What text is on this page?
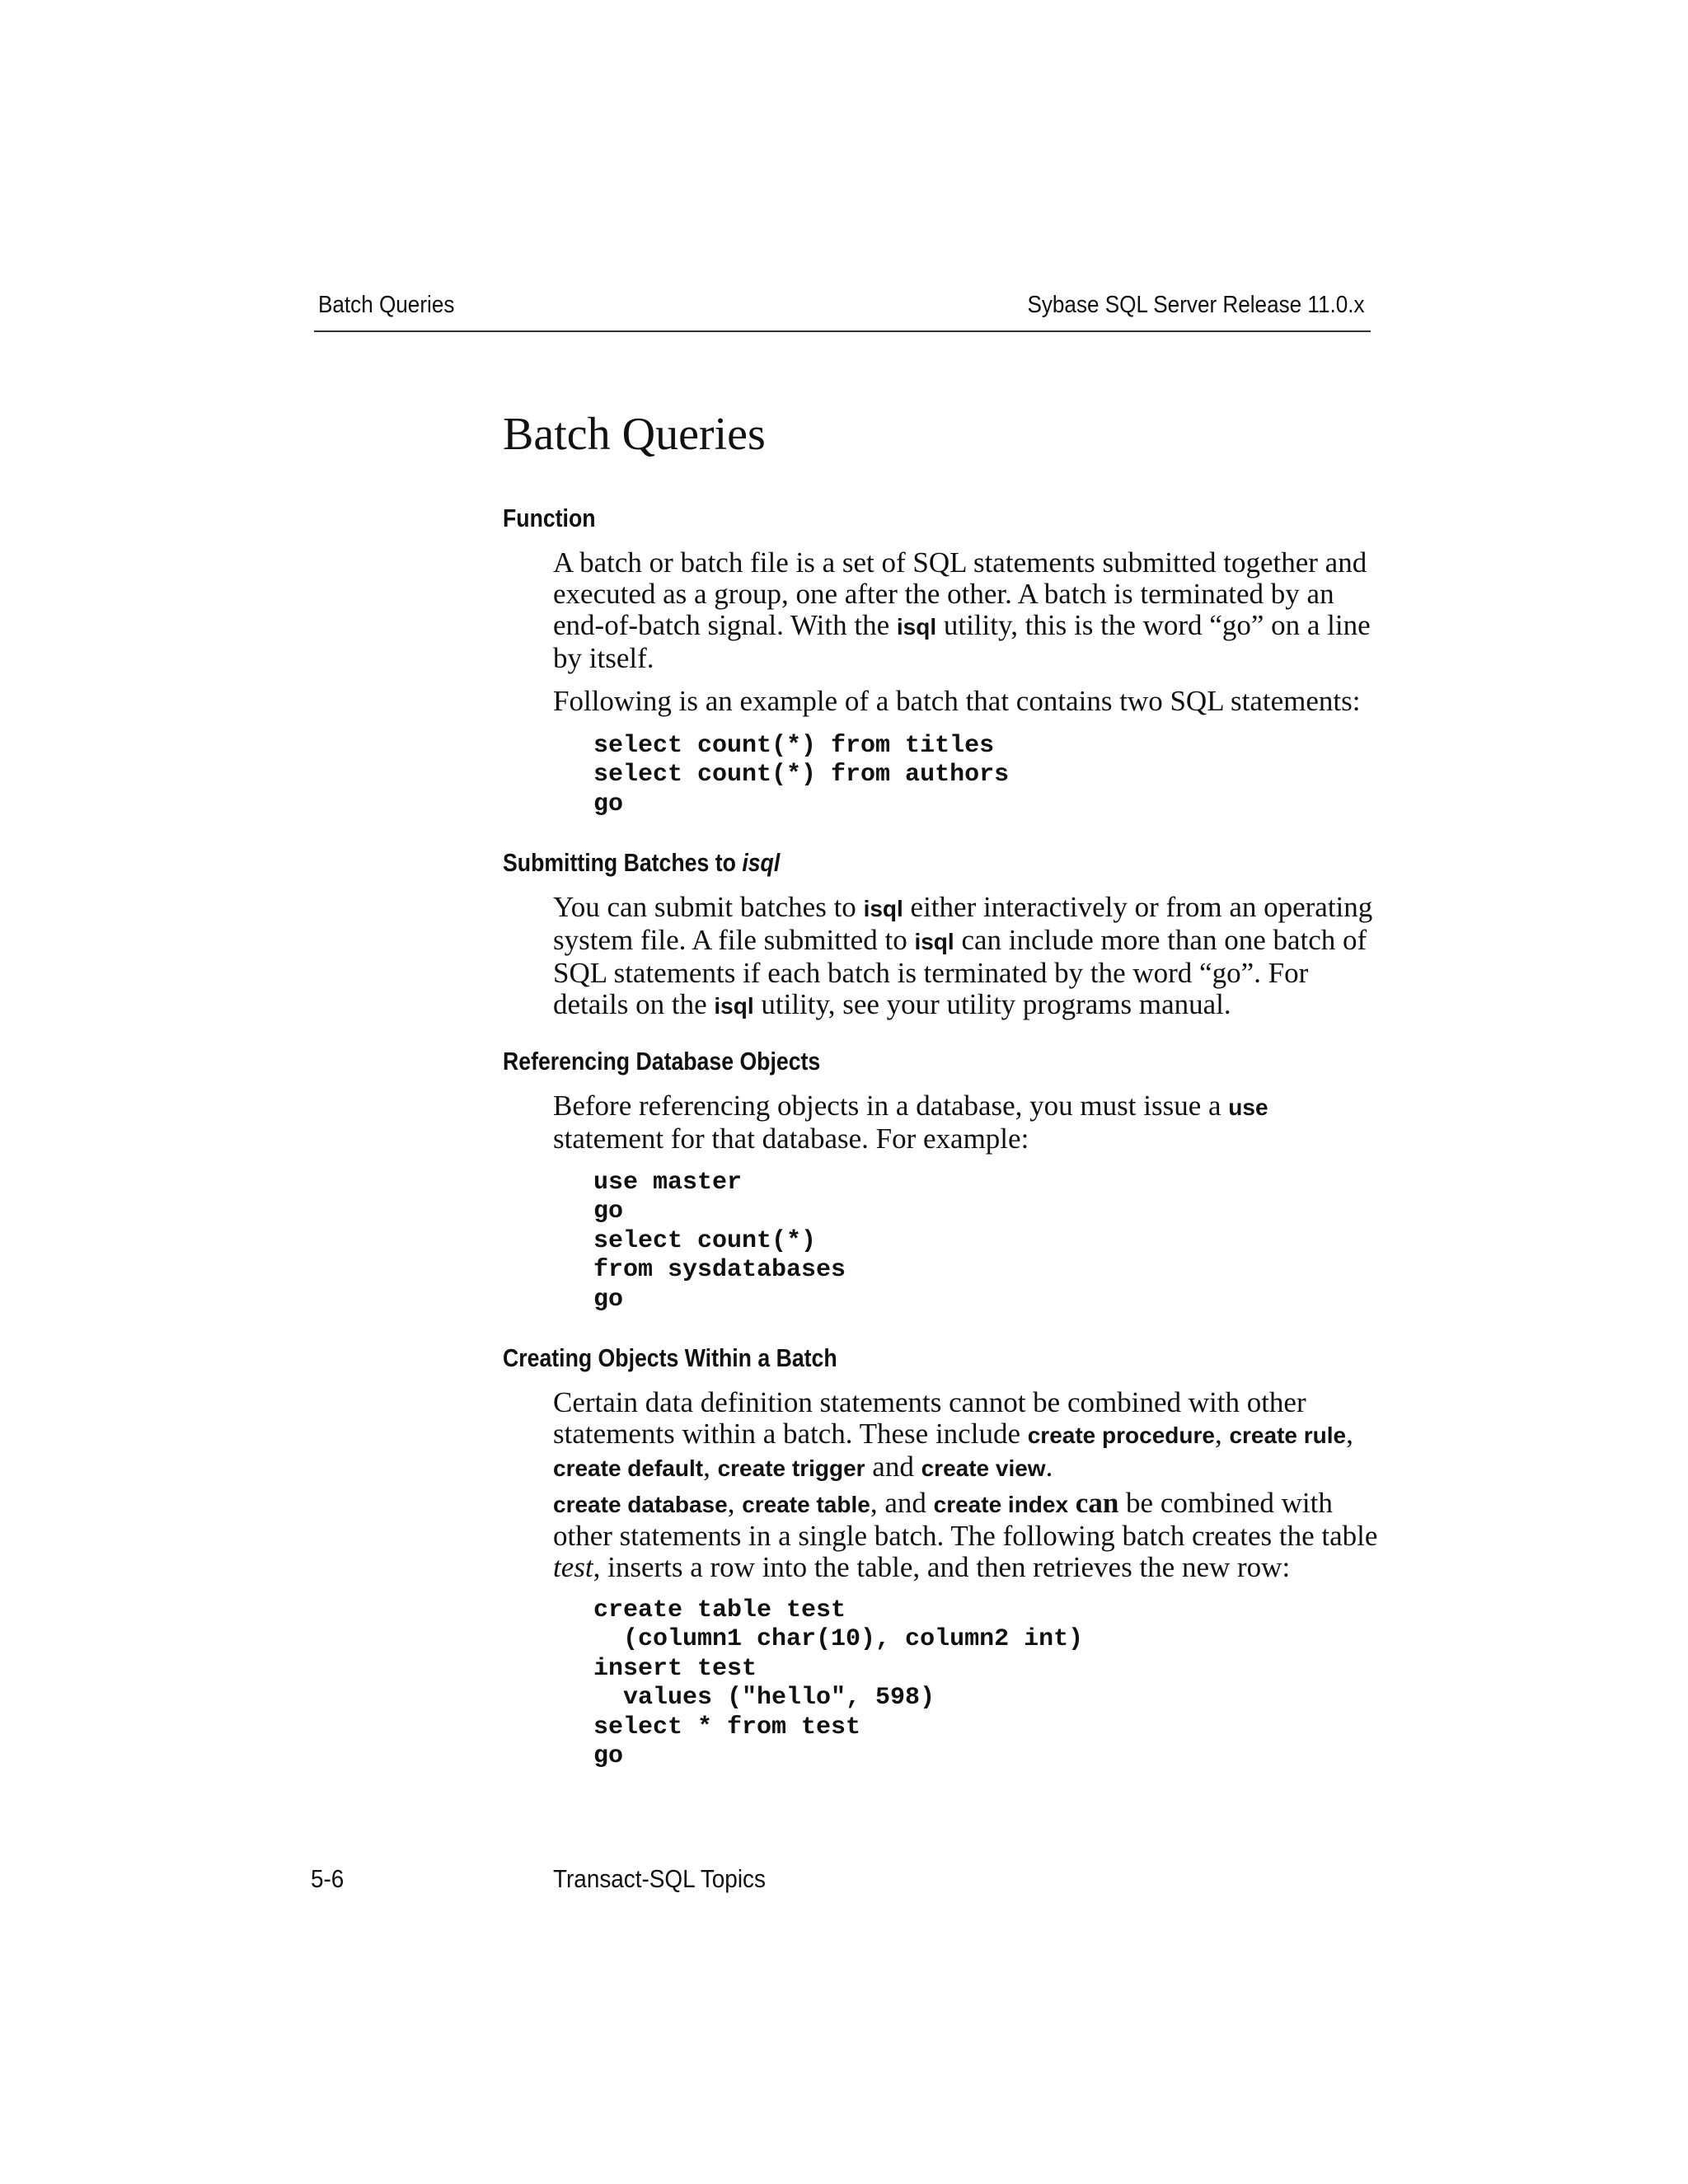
Batch Queries	Sybase SQL Server Release 11.0.x
Batch Queries
Function

A batch or batch file is a set of SQL statements submitted together and executed as a group, one after the other. A batch is terminated by an end-of-batch signal. With the isql utility, this is the word “go” on a line by itself.

Following is an example of a batch that contains two SQL statements:
select count(*) from titles
select count(*) from authors
go
Submitting Batches to isql

You can submit batches to isql either interactively or from an operating system file. A file submitted to isql can include more than one batch of SQL statements if each batch is terminated by the word “go”. For details on the isql utility, see your utility programs manual.

Referencing Database Objects

Before referencing objects in a database, you must issue a use statement for that database. For example:

use master
go
select count(*)
from sysdatabases
go
Creating Objects Within a Batch

Certain data definition statements cannot be combined with other statements within a batch. These include create procedure, create rule, create default, create trigger and create view.

create database, create table, and create index can be combined with other statements in a single batch. The following batch creates the table test, inserts a row into the table, and then retrieves the new row:

create table test
(column1 char(10), column2 int)
insert test
values ("hello", 598)
select * from test
go
5-6	Transact-SQL Topics
